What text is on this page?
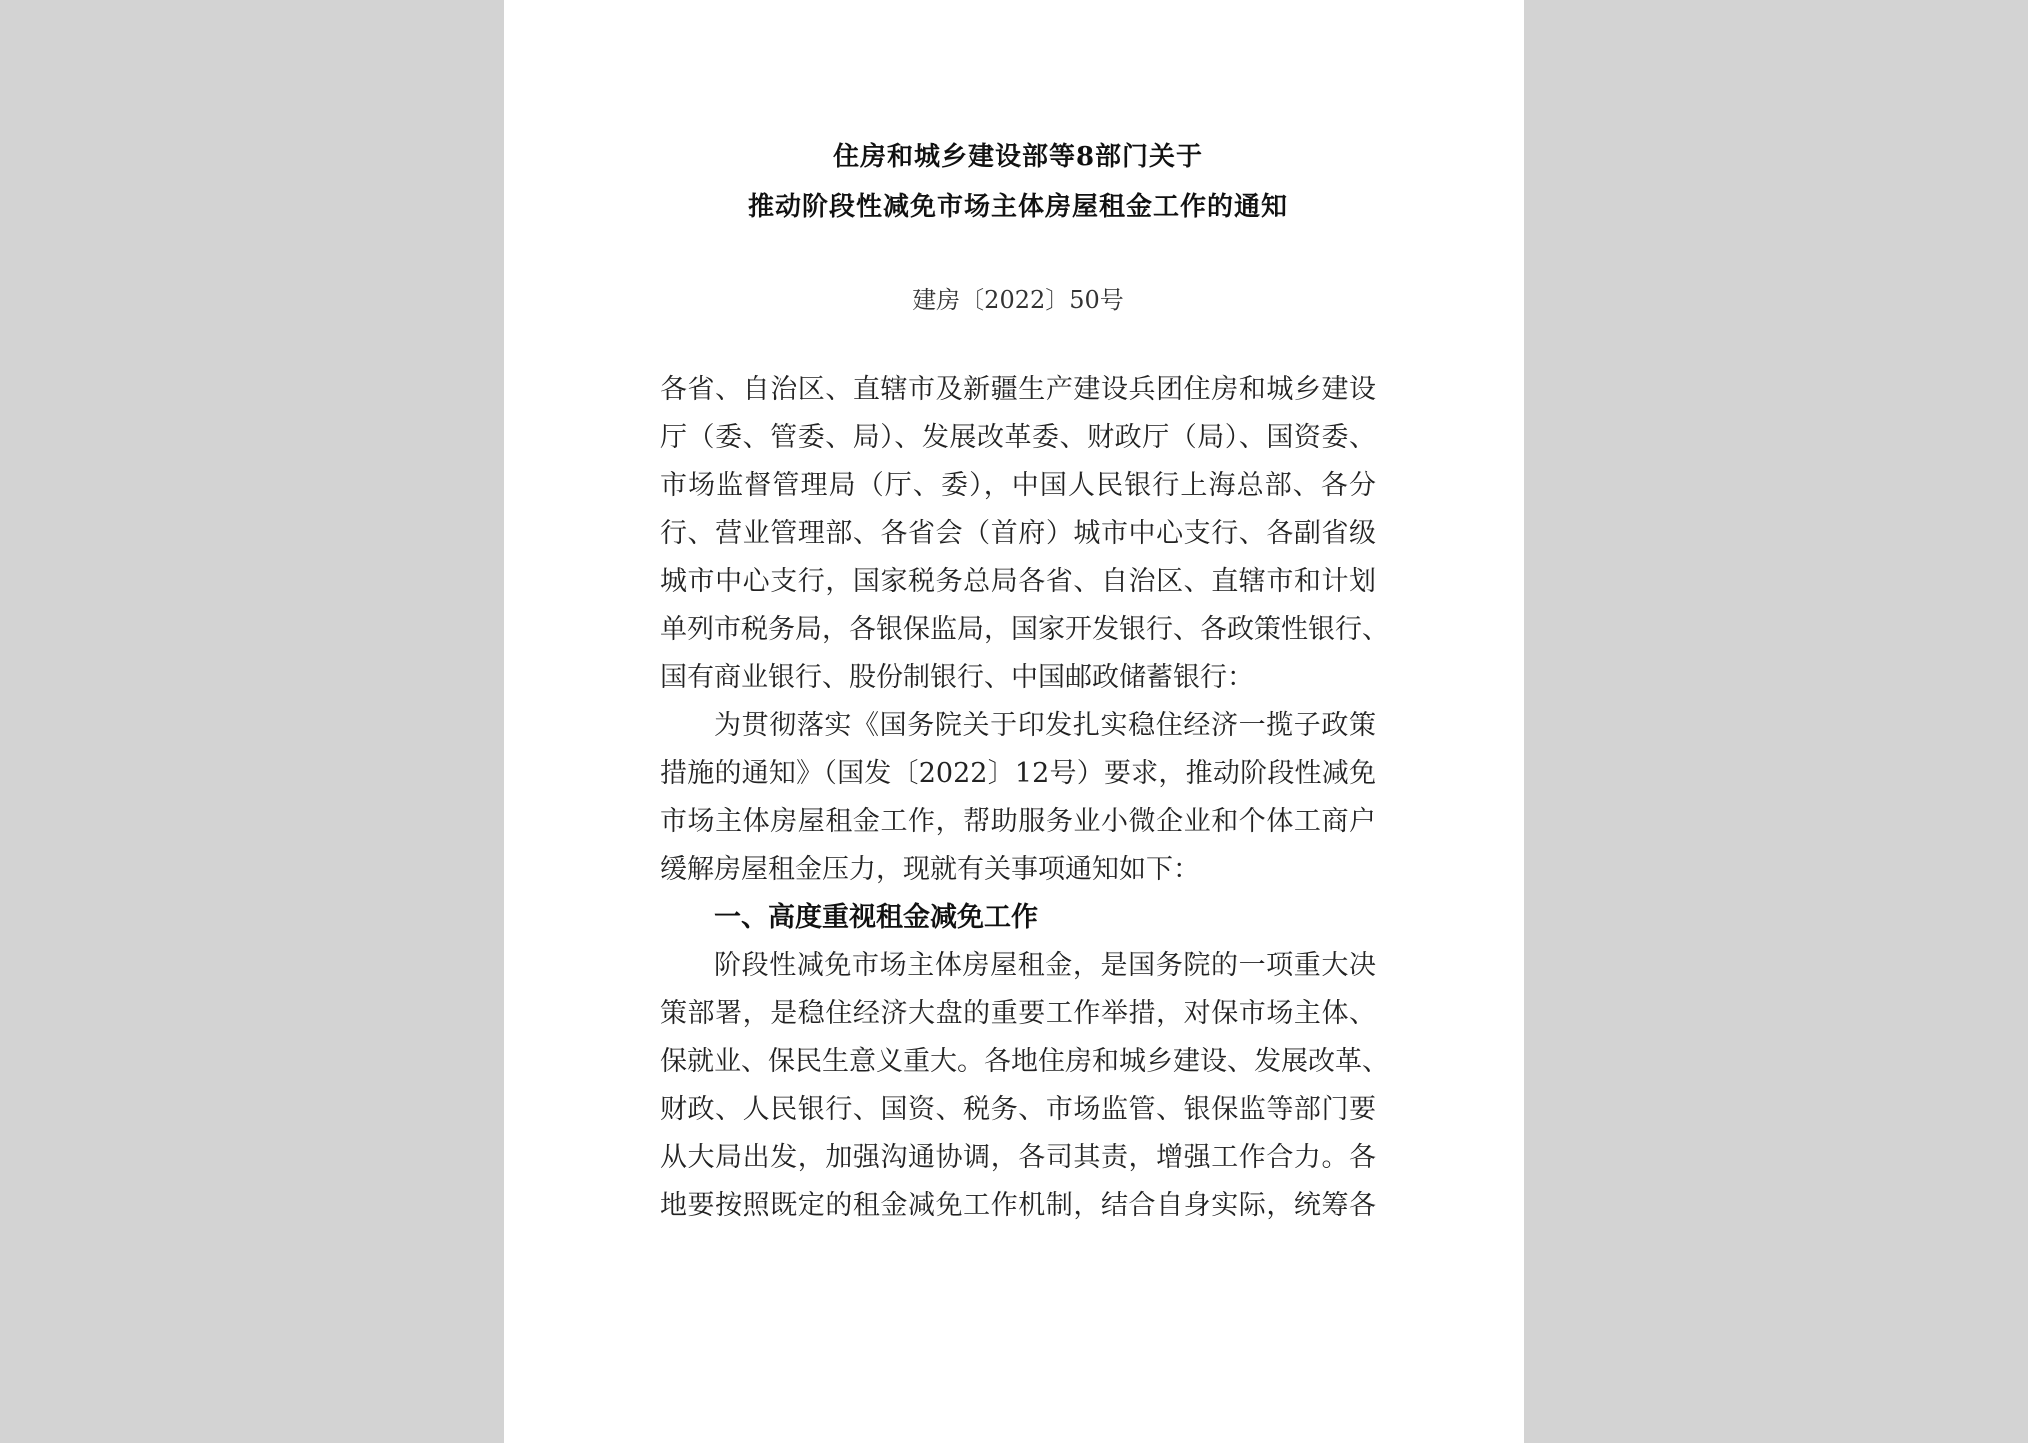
住房和城乡建设部等8部门关于
推动阶段性减免市场主体房屋租金工作的通知
建房〔2022〕50号
各省、自治区、直辖市及新疆生产建设兵团住房和城乡建设
厅（委、管委、局）、发展改革委、财政厅（局）、国资委、
市场监督管理局（厅、委），中国人民银行上海总部、各分
行、营业管理部、各省会（首府）城市中心支行、各副省级
城市中心支行，国家税务总局各省、自治区、直辖市和计划
单列市税务局，各银保监局，国家开发银行、各政策性银行、
国有商业银行、股份制银行、中国邮政储蓄银行：
为贯彻落实《国务院关于印发扎实稳住经济一揽子政策
措施的通知》（国发〔2022〕12号）要求，推动阶段性减免
市场主体房屋租金工作，帮助服务业小微企业和个体工商户
缓解房屋租金压力，现就有关事项通知如下：
一、高度重视租金减免工作
阶段性减免市场主体房屋租金，是国务院的一项重大决
策部署，是稳住经济大盘的重要工作举措，对保市场主体、
保就业、保民生意义重大。各地住房和城乡建设、发展改革、
财政、人民银行、国资、税务、市场监管、银保监等部门要
从大局出发，加强沟通协调，各司其责，增强工作合力。各
地要按照既定的租金减免工作机制，结合自身实际，统筹各
